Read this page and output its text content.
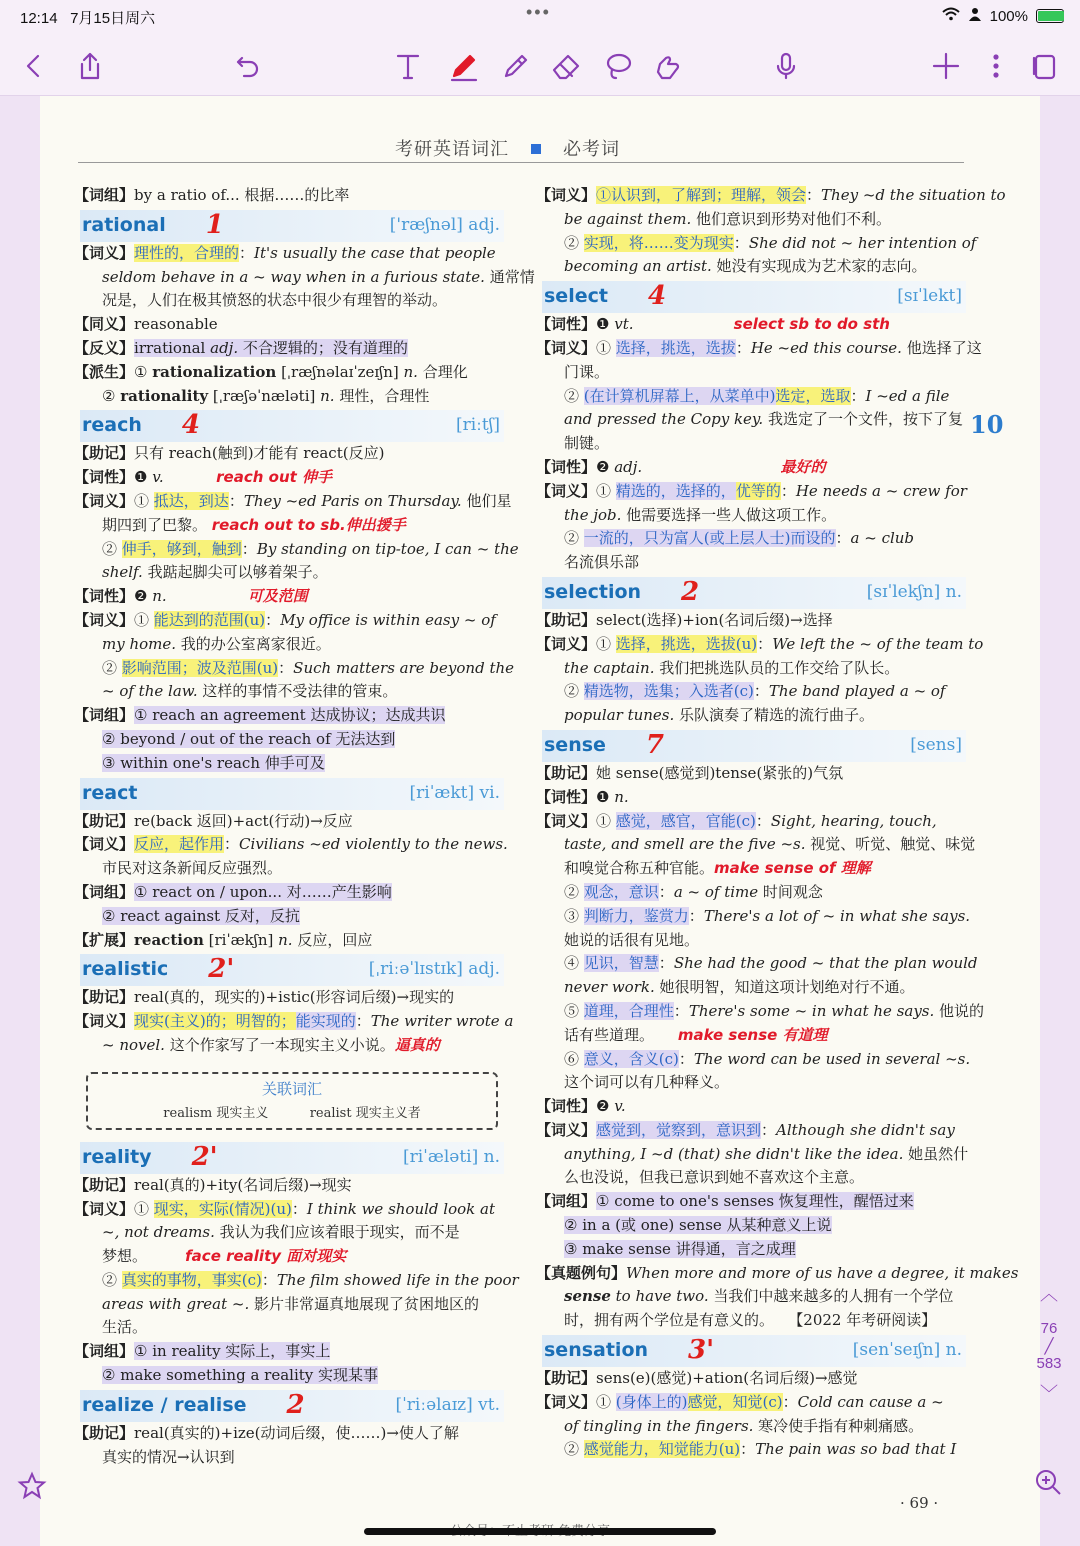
12:14 7月15日周六	•••	100%
考研英语词汇	必考词

【词组】by a ratio of... 根据……的比率

rational 1	['ræʃnəl] adj.

【词义】理性的，合理的：It's usually the case that people

seldom behave in a ~ way when in a furious state. 通常情

况是，人们在极其愤怒的状态中很少有理智的举动。

【同义】reasonable

【反义】irrational adj. 不合逻辑的；没有道理的

【派生】① rationalization [ˌræʃnəlaɪˈzeɪʃn] n. 合理化

② rationality [ˌræʃəˈnæləti] n. 理性，合理性

reach 4	[riːtʃ]

【助记】只有 reach(触到)才能有 react(反应)

【词性】❶ v.	reach out 伸手

【词义】① 抵达，到达：They ~ed Paris on Thursday. 他们星

期四到了巴黎。 reach out to sb.伸出援手

② 伸手，够到，触到：By standing on tip-toe, I can ~ the

shelf. 我踮起脚尖可以够着架子。

【词性】❷ n.	可及范围

【词义】① 能达到的范围(u)：My office is within easy ~ of

my home. 我的办公室离家很近。

② 影响范围；波及范围(u)：Such matters are beyond the

~ of the law. 这样的事情不受法律的管束。

【词组】① reach an agreement 达成协议；达成共识

② beyond / out of the reach of 无法达到

③ within one's reach 伸手可及

react	[riˈækt] vi.

【助记】re(back 返回)+act(行动)→反应

【词义】反应，起作用：Civilians ~ed violently to the news.

市民对这条新闻反应强烈。

【词组】① react on / upon... 对……产生影响

② react against 反对，反抗

【扩展】reaction [riˈækʃn] n. 反应，回应

realistic 2'	[ˌriːəˈlɪstɪk] adj.

【助记】real(真的，现实的)+istic(形容词后缀)→现实的

【词义】现实(主义)的；明智的；能实现的：The writer wrote a

~ novel. 这个作家写了一本现实主义小说。逼真的

关联词汇
realism 现实主义          realist 现实主义者
reality 2'	[riˈæləti] n.

【助记】real(真的)+ity(名词后缀)→现实

【词义】① 现实，实际(情况)(u)：I think we should look at

~, not dreams. 我认为我们应该着眼于现实，而不是

梦想。        face reality 面对现实

② 真实的事物，事实(c)：The film showed life in the poor

areas with great ~. 影片非常逼真地展现了贫困地区的

生活。

【词组】① in reality 实际上，事实上

② make something a reality 实现某事

realize / realise 2	[ˈriːəlaɪz] vt.

【助记】real(真实的)+ize(动词后缀，使……)→使人了解

真实的情况→认识到

【词义】①认识到，了解到；理解，领会：They ~d the situation to

be against them. 他们意识到形势对他们不利。

② 实现，将……变为现实：She did not ~ her intention of

becoming an artist. 她没有实现成为艺术家的志向。

select 4	[sɪˈlekt]

【词性】❶ vt.	select sb to do sth

【词义】① 选择，挑选，选拔：He ~ed this course. 他选择了这

门课。

② (在计算机屏幕上，从菜单中)选定，选取：I ~ed a file

and pressed the Copy key. 我选定了一个文件，按下了复

制键。

【词性】❷ adj.	最好的

【词义】① 精选的，选择的，优等的：He needs a ~ crew for

the job. 他需要选择一些人做这项工作。

② 一流的，只为富人(或上层人士)而设的：a ~ club

名流俱乐部

selection 2	[sɪˈlekʃn] n.

【助记】select(选择)+ion(名词后缀)→选择

【词义】① 选择，挑选，选拔(u)：We left the ~ of the team to

the captain. 我们把挑选队员的工作交给了队长。

② 精选物，选集；入选者(c)：The band played a ~ of

popular tunes. 乐队演奏了精选的流行曲子。

sense 7	[sens]

【助记】她 sense(感觉到)tense(紧张的)气氛

【词性】❶ n.

【词义】① 感觉，感官，官能(c)：Sight, hearing, touch,

taste, and smell are the five ~s. 视觉、听觉、触觉、味觉

和嗅觉合称五种官能。make sense of 理解

② 观念，意识：a ~ of time 时间观念

③ 判断力，鉴赏力：There's a lot of ~ in what she says.

她说的话很有见地。

④ 见识，智慧：She had the good ~ that the plan would

never work. 她很明智，知道这项计划绝对行不通。

⑤ 道理，合理性：There's some ~ in what he says. 他说的

话有些道理。     make sense 有道理

⑥ 意义，含义(c)：The word can be used in several ~s.

这个词可以有几种释义。

【词性】❷ v.

【词义】感觉到，觉察到，意识到：Although she didn't say

anything, I ~d (that) she didn't like the idea. 她虽然什

么也没说，但我已意识到她不喜欢这个主意。

【词组】① come to one's senses 恢复理性，醒悟过来

② in a (或 one) sense 从某种意义上说

③ make sense 讲得通，言之成理

【真题例句】When more and more of us have a degree, it makes

sense to have two. 当我们中越来越多的人拥有一个学位

时，拥有两个学位是有意义的。   【2022 年考研阅读】

sensation 3'	[senˈseɪʃn] n.

【助记】sens(e)(感觉)+ation(名词后缀)→感觉

【词义】① (身体上的)感觉，知觉(c)：Cold can cause a ~

of tingling in the fingers. 寒冷使手指有种刺痛感。

② 感觉能力，知觉能力(u)：The pain was so bad that I

10
︿
76
╱
583
﹀
· 69 ·
